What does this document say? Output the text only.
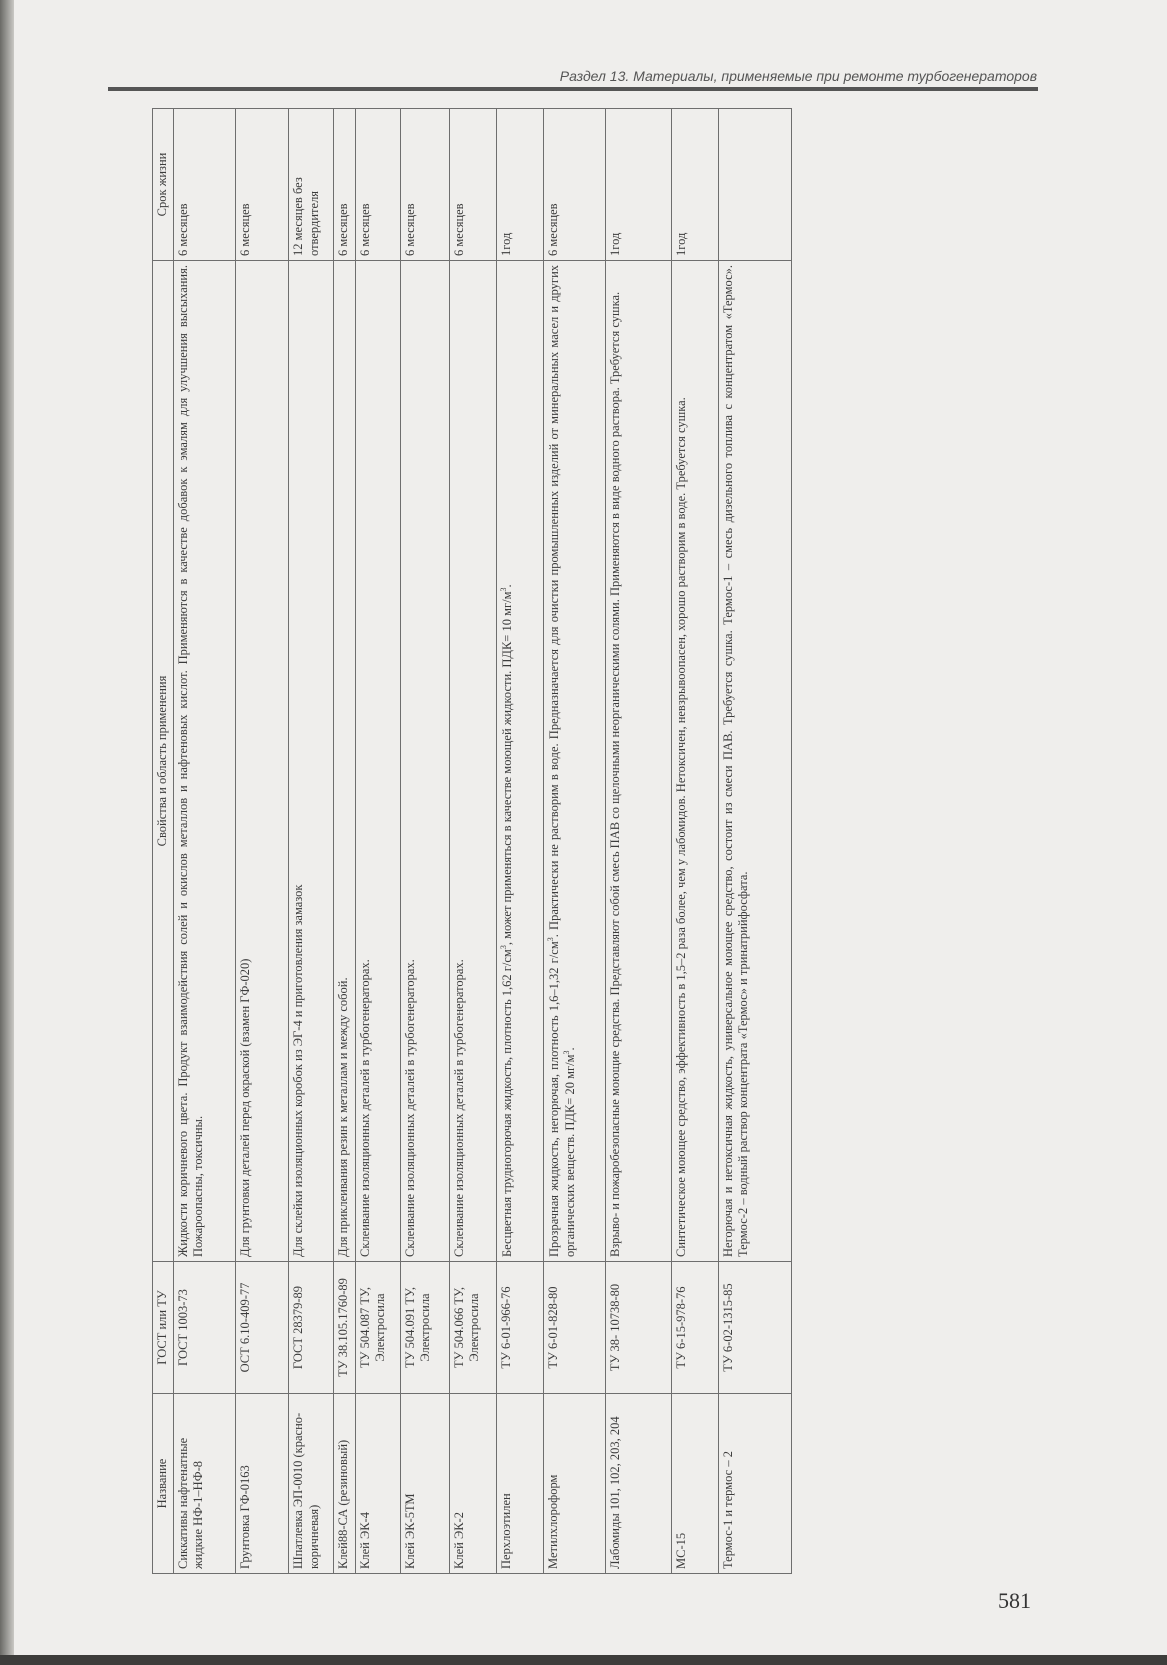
Раздел 13. Материалы, применяемые при ремонте турбогенераторов
Название	ГОСТ или ТУ	Свойства и область применения	Срок жизни
Сиккативы нафтенатные жидкие НФ-1–НФ-8	ГОСТ 1003-73	Жидкости коричневого цвета. Продукт взаимодействия солей и окислов металлов и нафтеновых кислот. Применяются в качестве добавок к эмалям для улучшения высыхания. Пожароопасны, токсичны.	6 месяцев
Грунтовка ГФ-0163	ОСТ 6.10-409-77	Для грунтовки деталей перед окраской (взамен ГФ-020)	6 месяцев
Шпатлевка ЭП-0010 (красно-коричневая)	ГОСТ 28379-89	Для склейки изоляционных коробок из ЭГ-4 и приготовления замазок	12 месяцев без отвердителя
Клей88-СА (резиновый)	ТУ 38.105.1760-89	Для приклеивания резин к металлам и между собой.	6 месяцев
Клей ЭК-4	ТУ 504.087 ТУ, Электросила	Склеивание изоляционных деталей в турбогенераторах.	6 месяцев
Клей ЭК-5ТМ	ТУ 504.091 ТУ, Электросила	Склеивание изоляционных деталей в турбогенераторах.	6 месяцев
Клей ЭК-2	ТУ 504.066 ТУ, Электросила	Склеивание изоляционных деталей в турбогенераторах.	6 месяцев
Перхлоэтилен	ТУ 6-01-966-76	Бесцветная трудногорючая жидкость, плотность 1,62 $г/см^3$, может применяться в качестве моющей жидкости. ПДК= 10 $мг/м^3$.	1год
Метилхлороформ	ТУ 6-01-828-80	Прозрачная жидкость, негорючая, плотность 1,6–1,32 $г/см^3$. Практически не растворим в воде. Предназначается для очистки промышленных изделий от минеральных масел и других органических веществ. ПДК= 20 $мг/м^3$.	6 месяцев
Лабомиды 101, 102, 203, 204	ТУ 38- 10738-80	Взрыво- и пожаробезопасные моющие средства. Представляют собой смесь ПАВ со щелочными неорганическими солями. Применяются в виде водного раствора. Требуется сушка.	1год
МС-15	ТУ 6-15-978-76	Синтетическое моющее средство, эффективность в 1,5–2 раза более, чем у лабомидов. Нетоксичен, невзрывоопасен, хорошо растворим в воде. Требуется сушка.	1год
Термос-1 и термос – 2	ТУ 6-02-1315-85	Негорючая и нетоксичная жидкость, универсальное моющее средство, состоит из смеси ПАВ. Требуется сушка. Термос-1 – смесь дизельного топлива с концентратом «Термос». Термос-2 – водный раствор концентрата «Термос» и тринатрийфосфата.	
581
